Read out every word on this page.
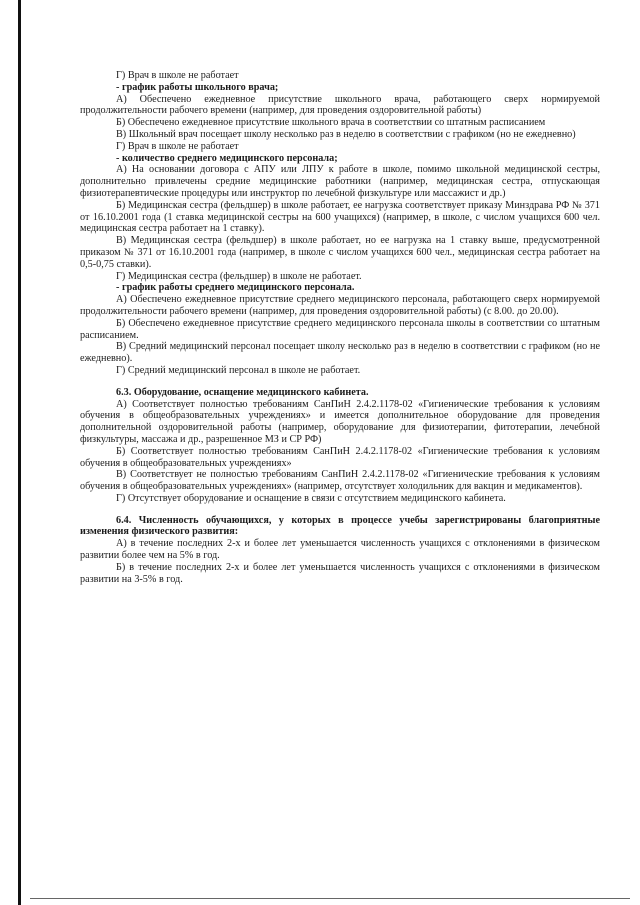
Г) Врач в школе не работает

- график работы школьного врача;

А) Обеспечено ежедневное присутствие школьного врача, работающего сверх нормируемой продолжительности рабочего времени (например, для проведения оздоровительной работы)

Б) Обеспечено ежедневное присутствие школьного врача в соответствии со штатным расписанием

В) Школьный врач посещает школу несколько раз в неделю в соответствии с графиком (но не ежедневно)

Г) Врач в школе не работает

- количество среднего медицинского персонала;

А) На основании договора с АПУ или ЛПУ к работе в школе, помимо школьной медицинской сестры, дополнительно привлечены средние медицинские работники (например, медицинская сестра, отпускающая физиотерапевтические процедуры или инструктор по лечебной физкультуре или массажист и др.)

Б) Медицинская сестра (фельдшер) в школе работает, ее нагрузка соответствует приказу Минздрава РФ № 371 от 16.10.2001 года (1 ставка медицинской сестры на 600 учащихся) (например, в школе, с числом учащихся 600 чел. медицинская сестра работает на 1 ставку).

В) Медицинская сестра (фельдшер) в школе работает, но ее нагрузка на 1 ставку выше, предусмотренной приказом № 371 от 16.10.2001 года (например, в школе с числом учащихся 600 чел., медицинская сестра работает на 0,5-0,75 ставки).

Г) Медицинская сестра (фельдшер) в школе не работает.

- график работы среднего медицинского персонала.

А) Обеспечено ежедневное присутствие среднего медицинского персонала, работающего сверх нормируемой продолжительности рабочего времени (например, для проведения оздоровительной работы) (с 8.00. до 20.00).

Б) Обеспечено ежедневное присутствие среднего медицинского персонала школы в соответствии со штатным расписанием.

В) Средний медицинский персонал посещает школу несколько раз в неделю в соответствии с графиком (но не ежедневно).

Г) Средний медицинский персонал в школе не работает.

6.3. Оборудование, оснащение медицинского кабинета.

А) Соответствует полностью требованиям СанПиН 2.4.2.1178-02 «Гигиенические требования к условиям обучения в общеобразовательных учреждениях» и имеется дополнительное оборудование для проведения дополнительной оздоровительной работы (например, оборудование для физиотерапии, фитотерапии, лечебной физкультуры, массажа и др., разрешенное МЗ и СР РФ)

Б) Соответствует полностью требованиям СанПиН 2.4.2.1178-02 «Гигиенические требования к условиям обучения в общеобразовательных учреждениях»

В) Соответствует не полностью требованиям СанПиН 2.4.2.1178-02 «Гигиенические требования к условиям обучения в общеобразовательных учреждениях» (например, отсутствует холодильник для вакцин и медикаментов).

Г) Отсутствует оборудование и оснащение в связи с отсутствием медицинского кабинета.

6.4. Численность обучающихся, у которых в процессе учебы зарегистрированы благоприятные изменения физического развития:

А) в течение последних 2-х и более лет уменьшается численность учащихся с отклонениями в физическом развитии более чем на 5% в год.

Б) в течение последних 2-х и более лет уменьшается численность учащихся с отклонениями в физическом развитии на 3-5% в год.
